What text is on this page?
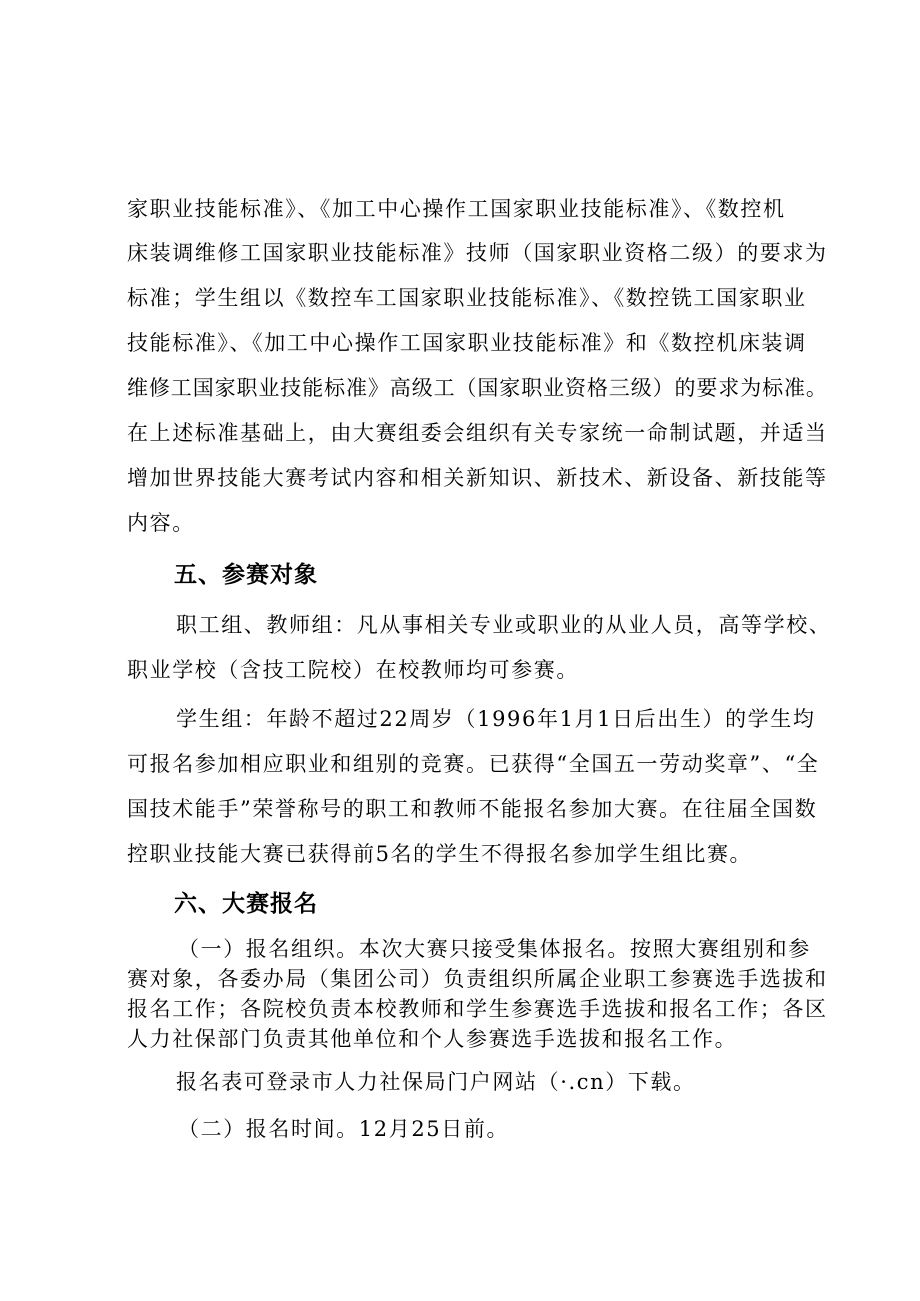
家职业技能标准》、《加工中心操作工国家职业技能标准》、《数控机
床装调维修工国家职业技能标准》技师（国家职业资格二级）的要求为
标准；学生组以《数控车工国家职业技能标准》、《数控铣工国家职业
技能标准》、《加工中心操作工国家职业技能标准》和《数控机床装调
维修工国家职业技能标准》高级工（国家职业资格三级）的要求为标准。
在上述标准基础上，由大赛组委会组织有关专家统一命制试题，并适当
增加世界技能大赛考试内容和相关新知识、新技术、新设备、新技能等
内容。
五、参赛对象
职工组、教师组：凡从事相关专业或职业的从业人员，高等学校、
职业学校（含技工院校）在校教师均可参赛。
学生组：年龄不超过22周岁（1996年1月1日后出生）的学生均
可报名参加相应职业和组别的竞赛。已获得“全国五一劳动奖章”、“全
国技术能手”荣誉称号的职工和教师不能报名参加大赛。在往届全国数
控职业技能大赛已获得前5名的学生不得报名参加学生组比赛。
六、大赛报名
（一）报名组织。本次大赛只接受集体报名。按照大赛组别和参
赛对象，各委办局（集团公司）负责组织所属企业职工参赛选手选拔和
报名工作；各院校负责本校教师和学生参赛选手选拔和报名工作；各区
人力社保部门负责其他单位和个人参赛选手选拔和报名工作。
报名表可登录市人力社保局门户网站（·.cn）下载。
（二）报名时间。12月25日前。
